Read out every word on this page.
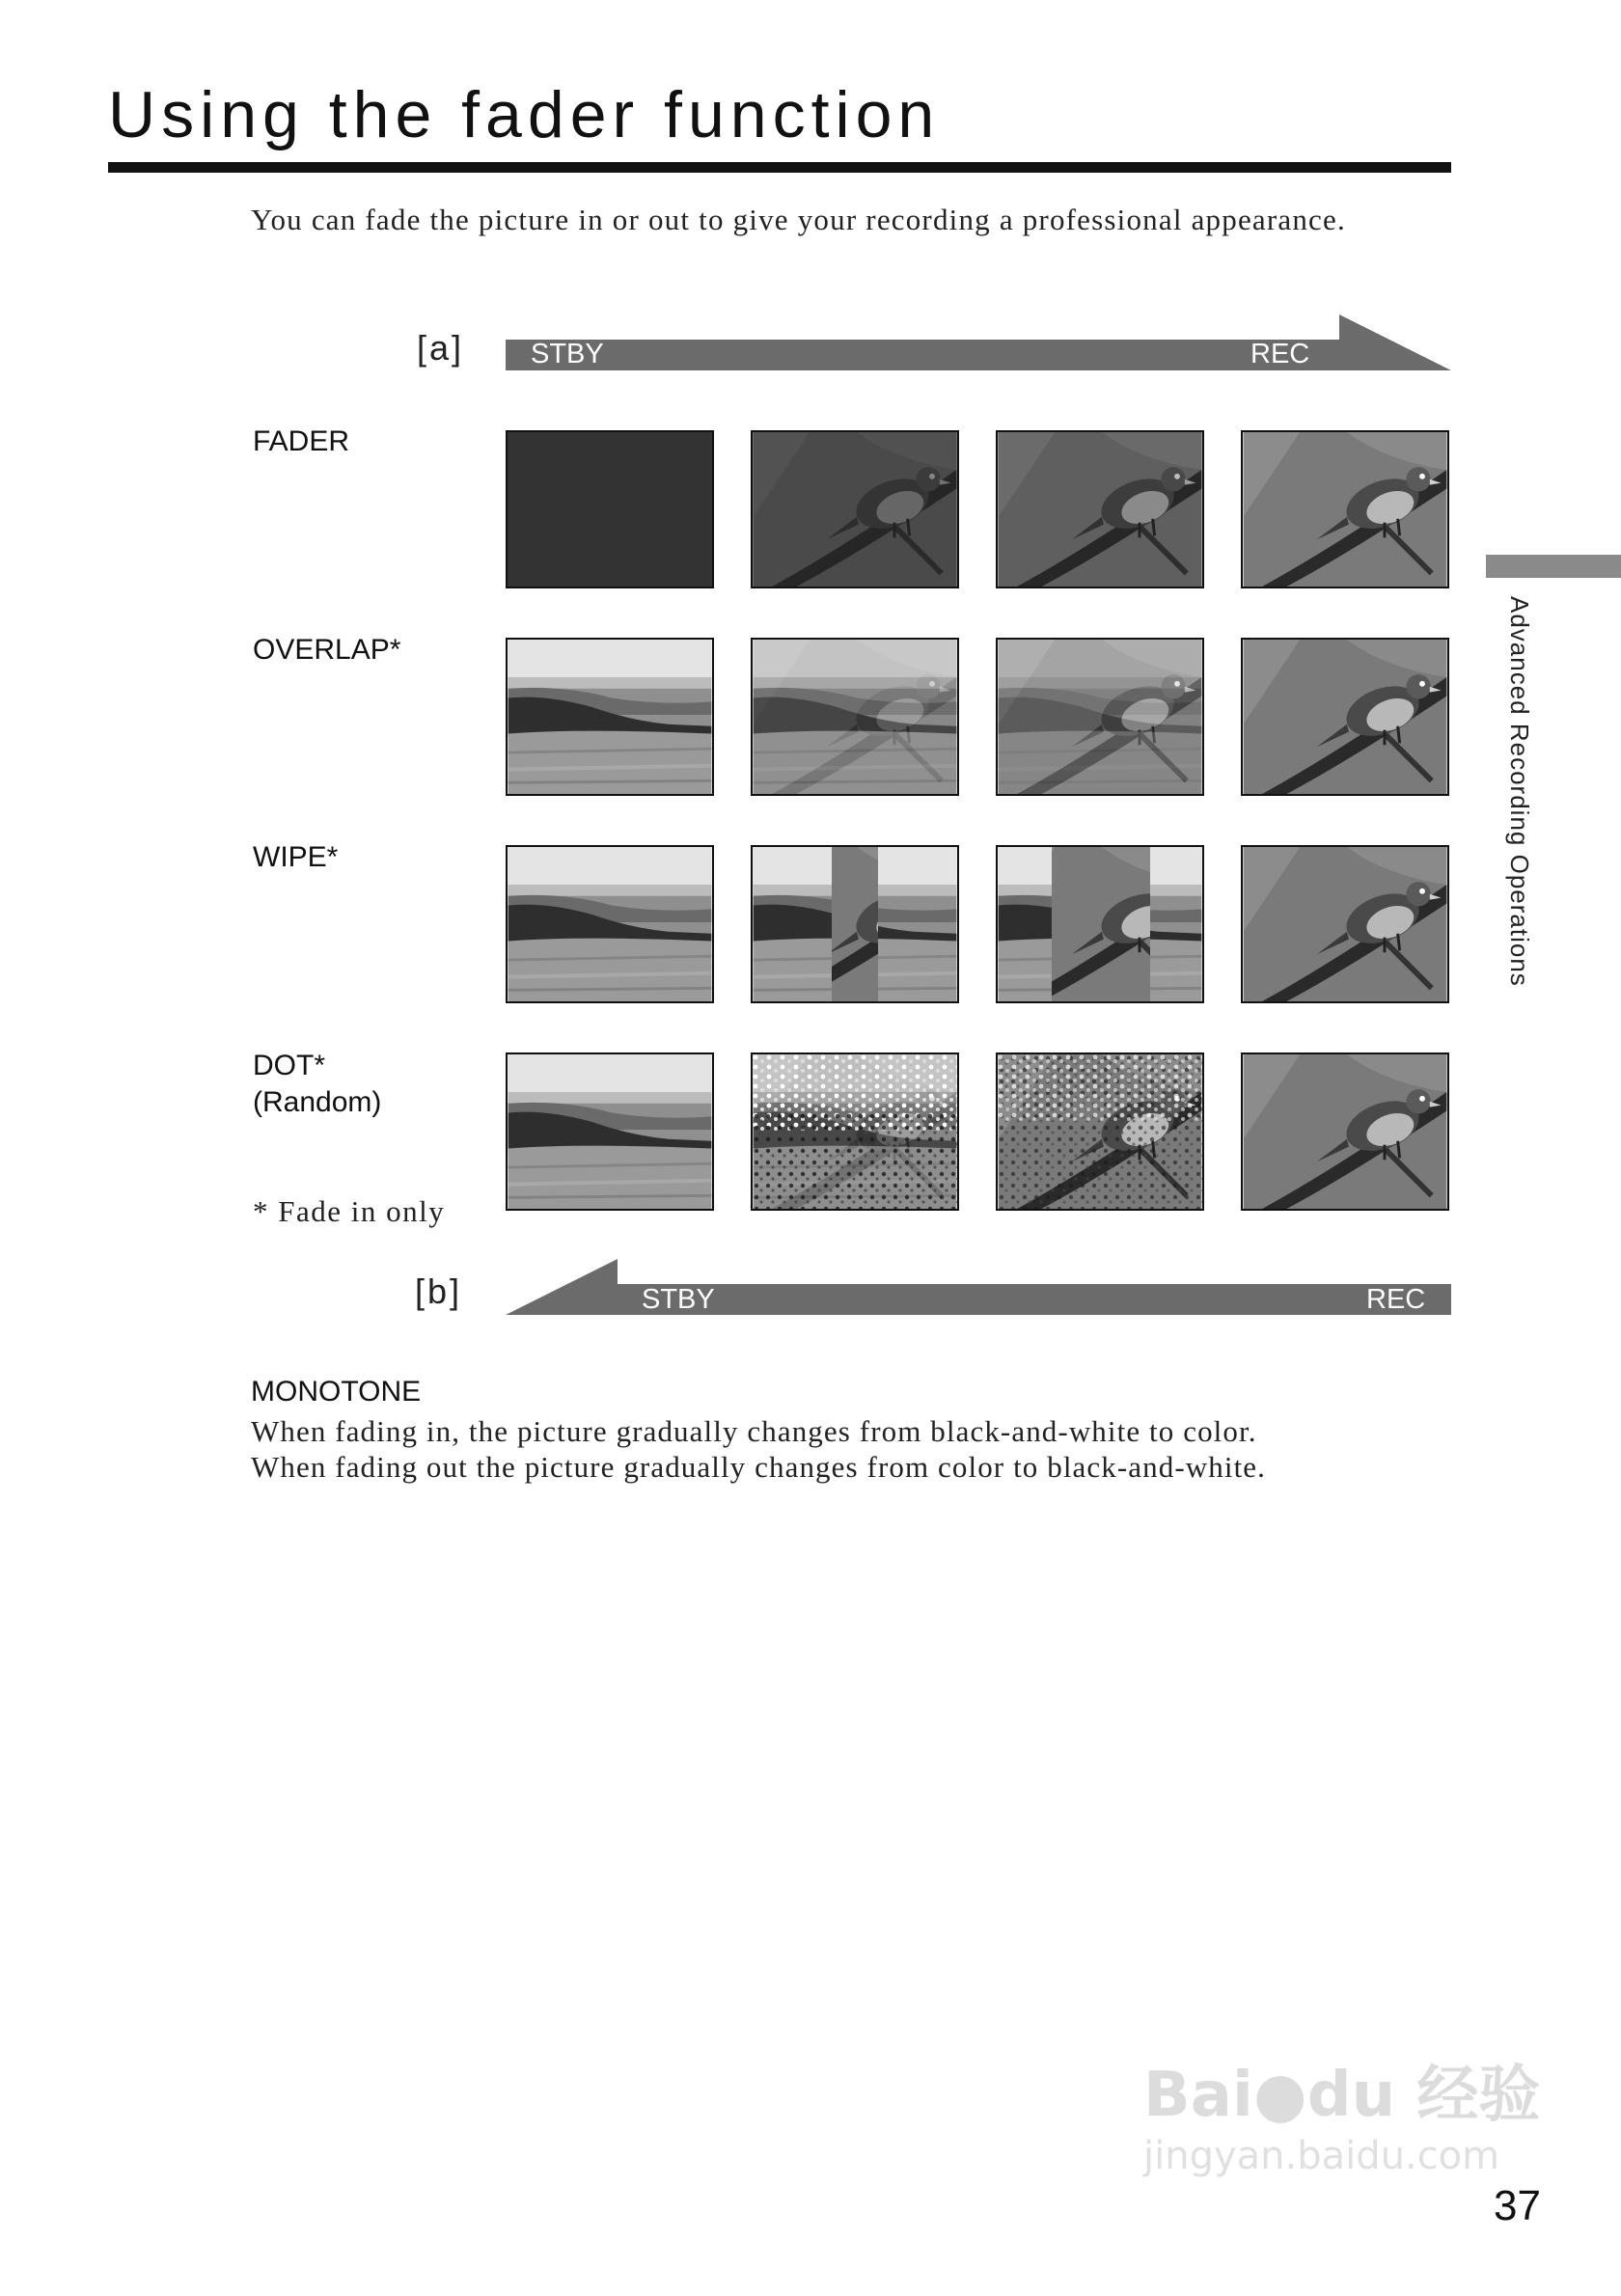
Using the fader function
You can fade the picture in or out to give your recording a professional appearance.
[a] STBY	REC
FADER
OVERLAP*
WIPE*
DOT*
(Random)
* Fade in only
[b]	STBY	REC
MONOTONE
When fading in, the picture gradually changes from black-and-white to color.
When fading out the picture gradually changes from color to black-and-white.
Advanced Recording Operations
Bai●du 经验
jingyan.baidu.com
37
